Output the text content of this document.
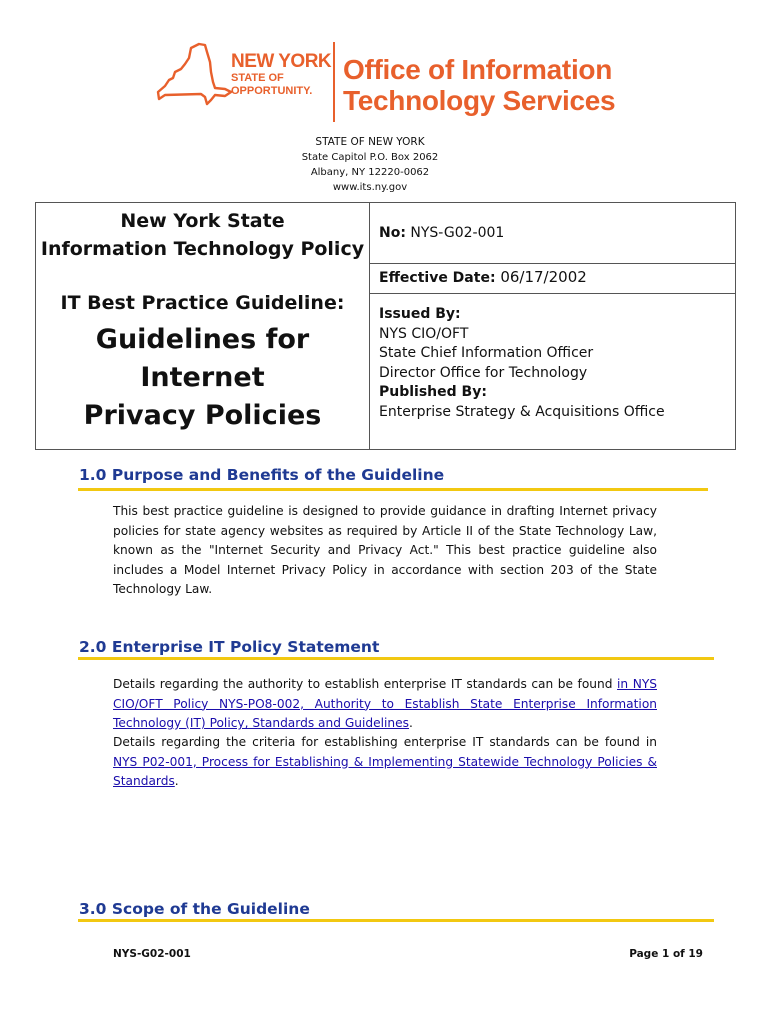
NEW YORK
STATE OF
OPPORTUNITY.
Office of Information
Technology Services
STATE OF NEW YORK
State Capitol P.O. Box 2062
Albany, NY 12220-0062
www.its.ny.gov
New York State
Information Technology Policy
IT Best Practice Guideline:
Guidelines for Internet
Privacy Policies
No: NYS-G02-001
Effective Date: 06/17/2002
Issued By:
NYS CIO/OFT
State Chief Information Officer
Director Office for Technology
Published By:
Enterprise Strategy & Acquisitions Office
1.0 Purpose and Benefits of the Guideline
This best practice guideline is designed to provide guidance in drafting Internet privacy policies for state agency websites as required by Article II of the State Technology Law, known as the "Internet Security and Privacy Act." This best practice guideline also includes a Model Internet Privacy Policy in accordance with section 203 of the State Technology Law.
2.0 Enterprise IT Policy Statement
Details regarding the authority to establish enterprise IT standards can be found in NYS CIO/OFT Policy NYS-PO8-002, Authority to Establish State Enterprise Information Technology (IT) Policy, Standards and Guidelines.
Details regarding the criteria for establishing enterprise IT standards can be found in NYS P02-001, Process for Establishing & Implementing Statewide Technology Policies & Standards.
3.0 Scope of the Guideline
NYS-G02-001	Page 1 of 19
